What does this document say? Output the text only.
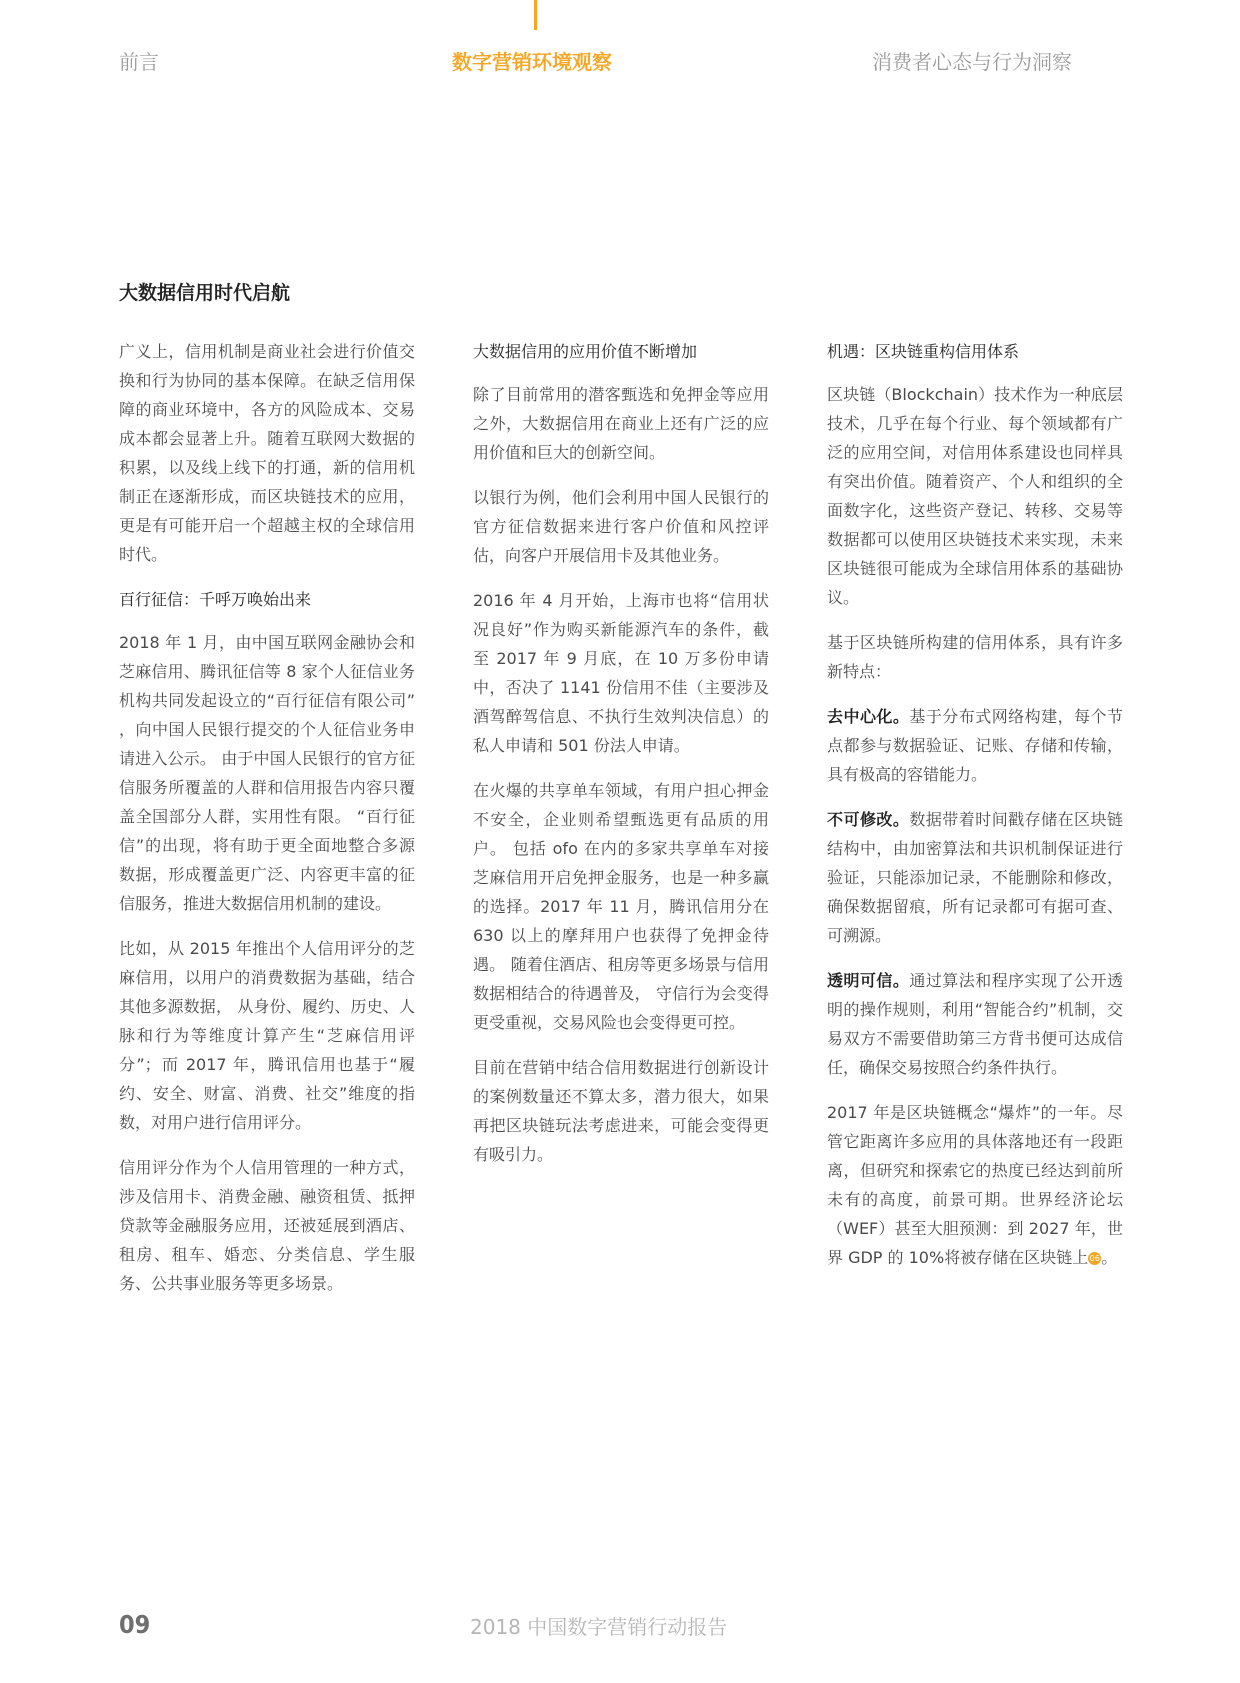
前言	数字营销环境观察	消费者心态与行为洞察
大数据信用时代启航

广义上，信用机制是商业社会进行价值交换和行为协同的基本保障。在缺乏信用保障的商业环境中，各方的风险成本、交易成本都会显著上升。随着互联网大数据的积累，以及线上线下的打通，新的信用机制正在逐渐形成，而区块链技术的应用，更是有可能开启一个超越主权的全球信用时代。

百行征信：千呼万唤始出来

2018 年 1 月，由中国互联网金融协会和芝麻信用、腾讯征信等 8 家个人征信业务机构共同发起设立的“百行征信有限公司” ，向中国人民银行提交的个人征信业务申请进入公示。 由于中国人民银行的官方征信服务所覆盖的人群和信用报告内容只覆盖全国部分人群，实用性有限。 “百行征信”的出现，将有助于更全面地整合多源数据，形成覆盖更广泛、内容更丰富的征信服务，推进大数据信用机制的建设。

比如，从 2015 年推出个人信用评分的芝麻信用，以用户的消费数据为基础，结合其他多源数据， 从身份、履约、历史、人脉和行为等维度计算产生“芝麻信用评分”；而 2017 年，腾讯信用也基于“履约、安全、财富、消费、社交”维度的指数，对用户进行信用评分。

信用评分作为个人信用管理的一种方式，涉及信用卡、消费金融、融资租赁、抵押贷款等金融服务应用，还被延展到酒店、租房、租车、婚恋、分类信息、学生服务、公共事业服务等更多场景。

大数据信用的应用价值不断增加

除了目前常用的潜客甄选和免押金等应用之外，大数据信用在商业上还有广泛的应用价值和巨大的创新空间。

以银行为例，他们会利用中国人民银行的官方征信数据来进行客户价值和风控评估，向客户开展信用卡及其他业务。

2016 年 4 月开始，上海市也将“信用状况良好”作为购买新能源汽车的条件，截至 2017 年 9 月底，在 10 万多份申请中，否决了 1141 份信用不佳（主要涉及酒驾醉驾信息、不执行生效判决信息）的私人申请和 501 份法人申请。

在火爆的共享单车领域，有用户担心押金不安全，企业则希望甄选更有品质的用户。 包括 ofo 在内的多家共享单车对接芝麻信用开启免押金服务，也是一种多赢的选择。2017 年 11 月，腾讯信用分在 630 以上的摩拜用户也获得了免押金待遇。 随着住酒店、租房等更多场景与信用数据相结合的待遇普及， 守信行为会变得更受重视，交易风险也会变得更可控。

目前在营销中结合信用数据进行创新设计的案例数量还不算太多，潜力很大，如果再把区块链玩法考虑进来，可能会变得更有吸引力。

机遇：区块链重构信用体系

区块链（Blockchain）技术作为一种底层技术，几乎在每个行业、每个领域都有广泛的应用空间，对信用体系建设也同样具有突出价值。随着资产、个人和组织的全面数字化，这些资产登记、转移、交易等数据都可以使用区块链技术来实现，未来区块链很可能成为全球信用体系的基础协议。

基于区块链所构建的信用体系，具有许多新特点：

去中心化。基于分布式网络构建，每个节点都参与数据验证、记账、存储和传输，具有极高的容错能力。

不可修改。数据带着时间戳存储在区块链结构中，由加密算法和共识机制保证进行验证，只能添加记录，不能删除和修改，确保数据留痕，所有记录都可有据可查、可溯源。

透明可信。通过算法和程序实现了公开透明的操作规则，利用“智能合约”机制，交易双方不需要借助第三方背书便可达成信任，确保交易按照合约条件执行。

2017 年是区块链概念“爆炸”的一年。尽管它距离许多应用的具体落地还有一段距离，但研究和探索它的热度已经达到前所未有的高度，前景可期。世界经济论坛（WEF）甚至大胆预测：到 2027 年，世界 GDP 的 10%将被存储在区块链上06。

09	2018 中国数字营销行动报告
